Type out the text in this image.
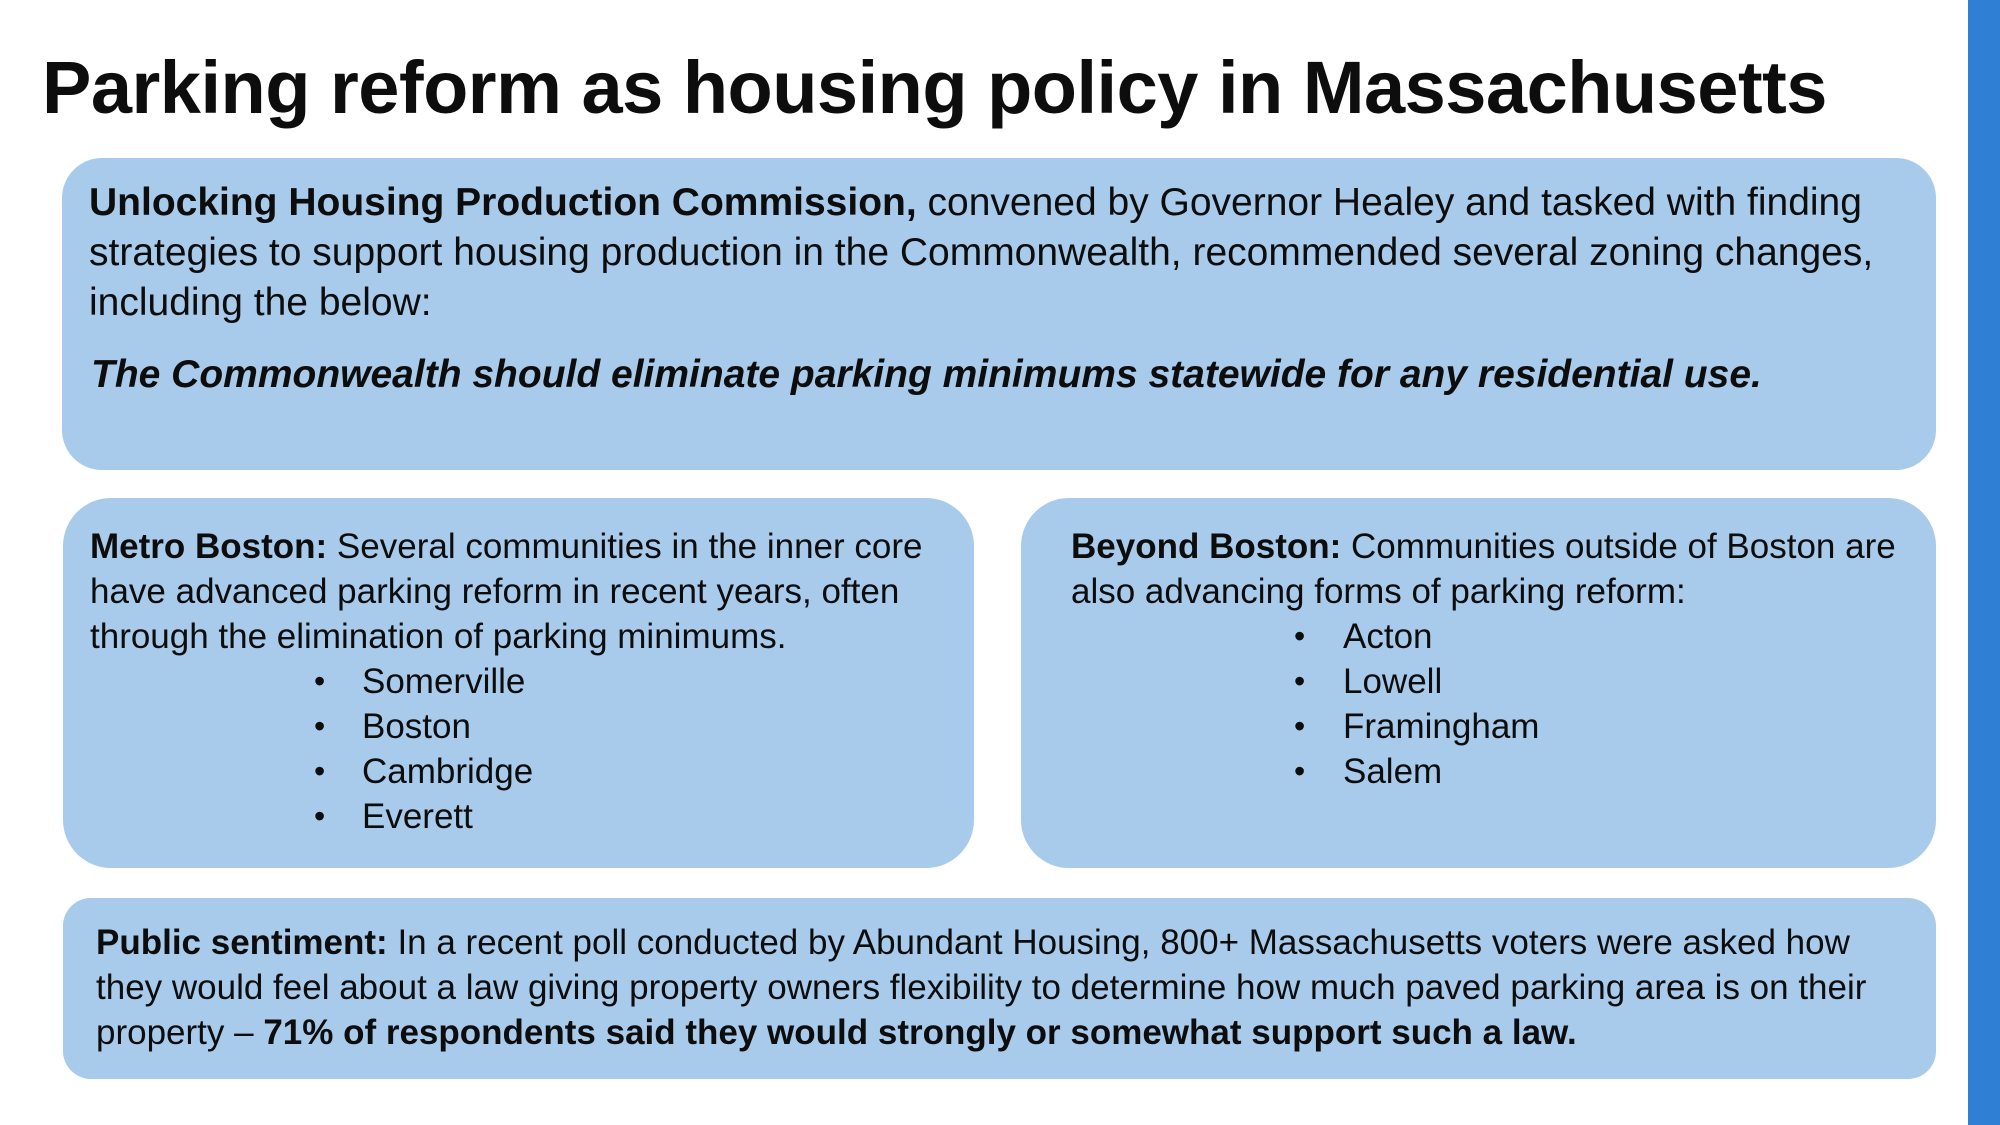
Parking reform as housing policy in Massachusetts

Unlocking Housing Production Commission, convened by Governor Healey and tasked with finding strategies to support housing production in the Commonwealth, recommended several zoning changes, including the below:

The Commonwealth should eliminate parking minimums statewide for any residential use.

Metro Boston: Several communities in the inner core have advanced parking reform in recent years, often through the elimination of parking minimums.

• Somerville
• Boston
• Cambridge
• Everett

Beyond Boston: Communities outside of Boston are also advancing forms of parking reform:

• Acton
• Lowell
• Framingham
• Salem

Public sentiment: In a recent poll conducted by Abundant Housing, 800+ Massachusetts voters were asked how they would feel about a law giving property owners flexibility to determine how much paved parking area is on their property – 71% of respondents said they would strongly or somewhat support such a law.
